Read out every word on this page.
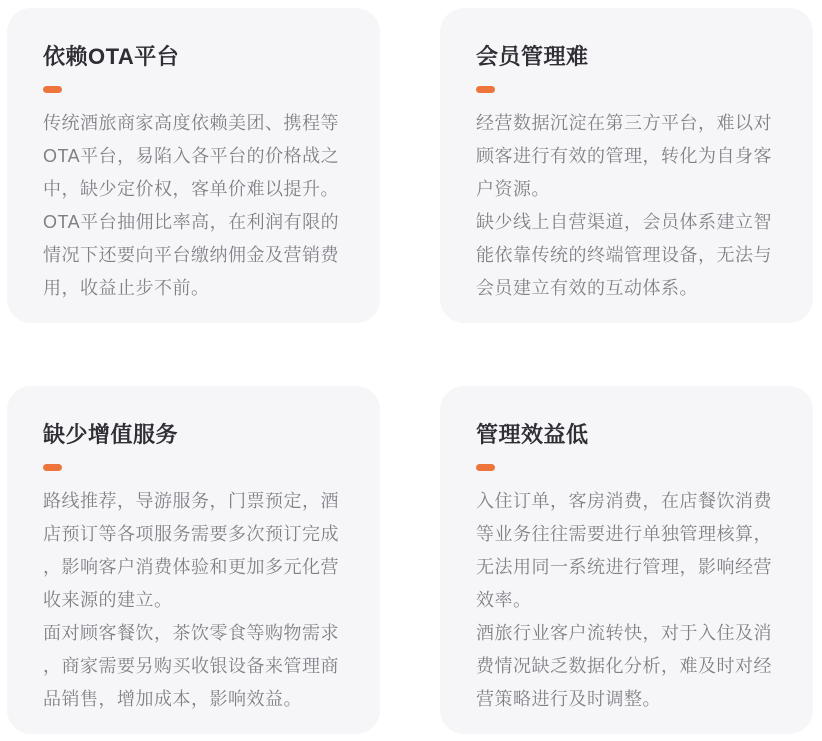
依赖OTA平台

传统酒旅商家高度依赖美团、携程等OTA平台，易陷入各平台的价格战之中，缺少定价权，客单价难以提升。

OTA平台抽佣比率高，在利润有限的情况下还要向平台缴纳佣金及营销费用，收益止步不前。

会员管理难

经营数据沉淀在第三方平台，难以对顾客进行有效的管理，转化为自身客户资源。

缺少线上自营渠道，会员体系建立智能依靠传统的终端管理设备，无法与会员建立有效的互动体系。

缺少增值服务

路线推荐，导游服务，门票预定，酒店预订等各项服务需要多次预订完成，影响客户消费体验和更加多元化营收来源的建立。

面对顾客餐饮，茶饮零食等购物需求，商家需要另购买收银设备来管理商品销售，增加成本，影响效益。

管理效益低

入住订单，客房消费，在店餐饮消费等业务往往需要进行单独管理核算，无法用同一系统进行管理，影响经营效率。

酒旅行业客户流转快，对于入住及消费情况缺乏数据化分析，难及时对经营策略进行及时调整。
